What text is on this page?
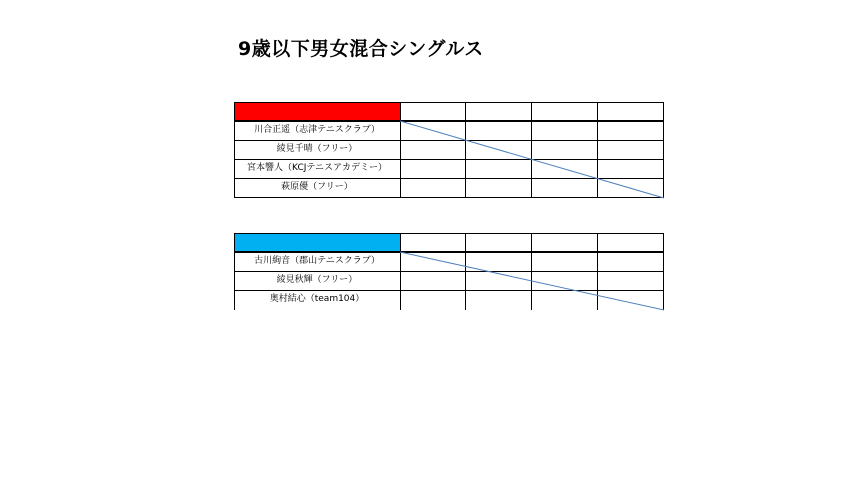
9歳以下男女混合シングルス
川合正遥（志津テニスクラブ）
綾見千晴（フリー）
宮本響人（KCJテニスアカデミー）
萩原優（フリー）
古川絢音（郡山テニスクラブ）
綾見秋輝（フリー）
奥村結心（team104）
